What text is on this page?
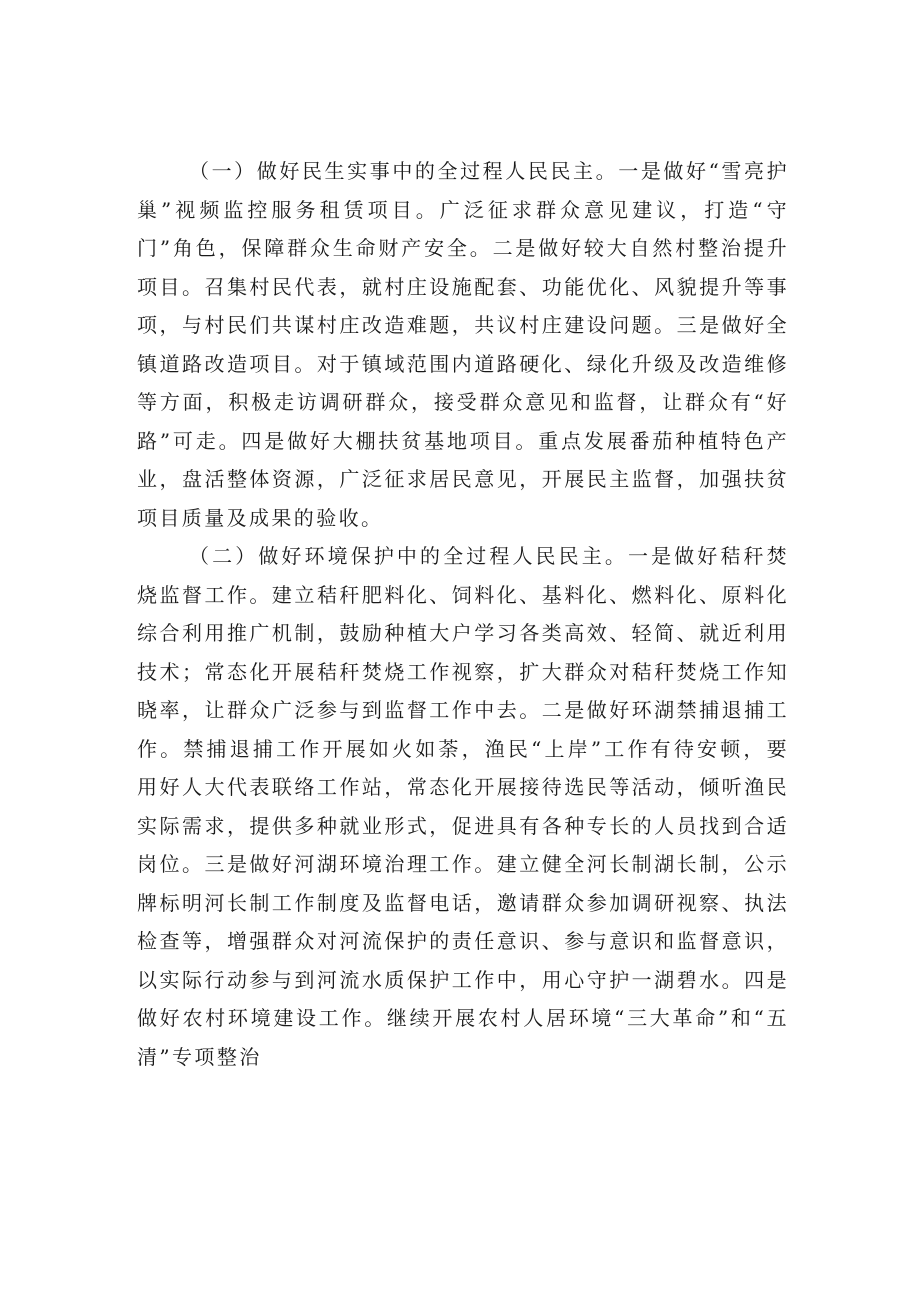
（一）做好民生实事中的全过程人民民主。一是做好“雪亮护巢”视频监控服务租赁项目。广泛征求群众意见建议，打造“守门”角色，保障群众生命财产安全。二是做好较大自然村整治提升项目。召集村民代表，就村庄设施配套、功能优化、风貌提升等事项，与村民们共谋村庄改造难题，共议村庄建设问题。三是做好全镇道路改造项目。对于镇域范围内道路硬化、绿化升级及改造维修等方面，积极走访调研群众，接受群众意见和监督，让群众有“好路”可走。四是做好大棚扶贫基地项目。重点发展番茄种植特色产业，盘活整体资源，广泛征求居民意见，开展民主监督，加强扶贫项目质量及成果的验收。

（二）做好环境保护中的全过程人民民主。一是做好秸秆焚烧监督工作。建立秸秆肥料化、饲料化、基料化、燃料化、原料化综合利用推广机制，鼓励种植大户学习各类高效、轻简、就近利用技术；常态化开展秸秆焚烧工作视察，扩大群众对秸秆焚烧工作知晓率，让群众广泛参与到监督工作中去。二是做好环湖禁捕退捕工作。禁捕退捕工作开展如火如荼，渔民“上岸”工作有待安顿，要用好人大代表联络工作站，常态化开展接待选民等活动，倾听渔民实际需求，提供多种就业形式，促进具有各种专长的人员找到合适岗位。三是做好河湖环境治理工作。建立健全河长制湖长制，公示牌标明河长制工作制度及监督电话，邀请群众参加调研视察、执法检查等，增强群众对河流保护的责任意识、参与意识和监督意识，以实际行动参与到河流水质保护工作中，用心守护一湖碧水。四是做好农村环境建设工作。继续开展农村人居环境“三大革命”和“五清”专项整治
